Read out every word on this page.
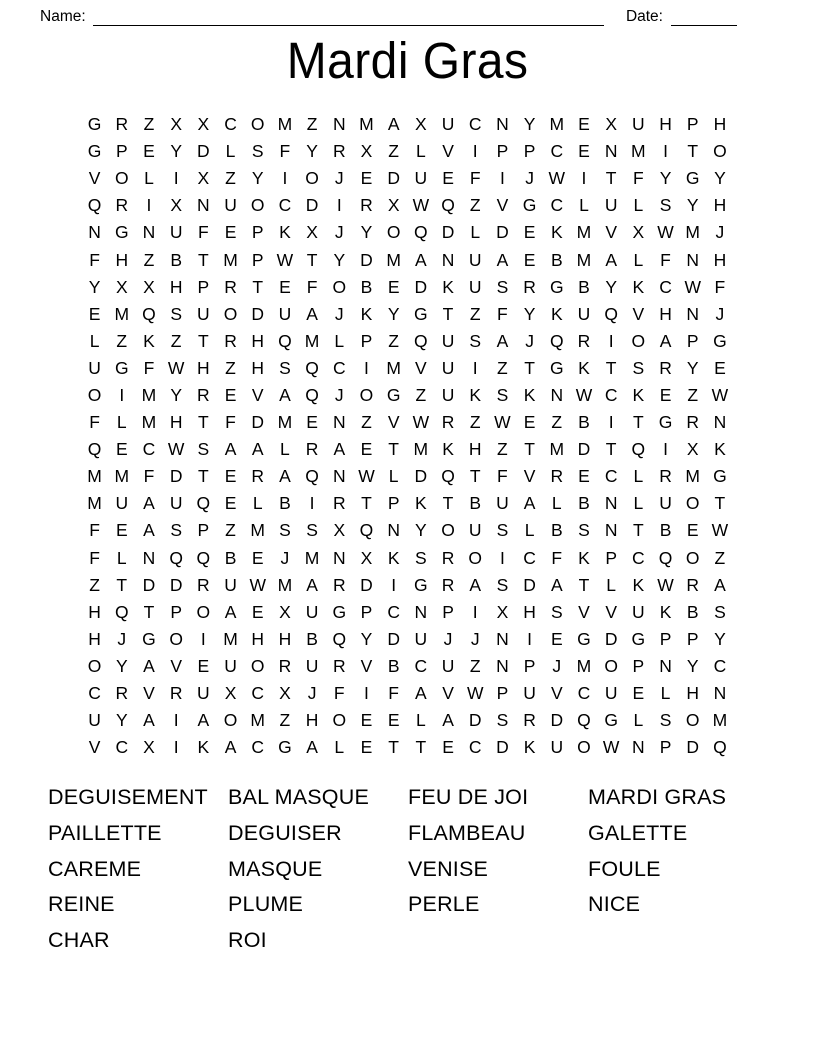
Name:	Date:
Mardi Gras
G R Z X X C O M Z N M A X U C N Y M E X U H P H
G P E Y D L S F Y R X Z L V	I	P P C E N M I	T O
V O L	I	X Z Y	I	O J E D U E F	I	J W I	T F Y G Y
Q R	I	X N U O C D	I	R X W Q Z V G C L U L S Y H
N G N U F E P K X J Y O Q D L D E K M V X W M J
F H Z B T M P W T Y D M A N U A E B M A L F N H
Y X X H P R T E F O B E D K U S R G B Y K C W F
E M Q S U O D U A J K Y G T Z F Y K U Q V H N J
L Z K Z T R H Q M L P Z Q U S A J Q R	I	O A P G
U G F W H Z H S Q C	I M V U	I	Z T G K T S R Y E
O	I M Y R E V A Q J O G Z U K S K N W C K E Z W
F L M H T F D M E N Z V W R Z W E Z B	I	T G R N
Q E C W S A A L R A E T M K H Z T M D T Q	I	X K
M M F D T E R A Q N W L D Q T F V R E C L R M G
M U A U Q E L B	I	R T P K T B U A L B N L U O T
F E A S P Z M S S X Q N Y O U S L B S N T B E W
F L N Q Q B E J M N X K S R O	I	C F K P C Q O Z
Z T D D R U W M A R D	I	G R A S D A T L K W R A
H Q T P O A E X U G P C N P	I	X H S V V U K B S
H J G O	I M H H B Q Y D U J	J N	I	E G D G P P Y
O Y A V E U O R U R V B C U Z N P J M O P N Y C
C R V R U X C X J F	I	F A V W P U V C U E L H N
U Y A	I	A O M Z H O E E L A D S R D Q G L S O M
V C X	I	K A C G A L E T T E C D K U O W N P D Q
DEGUISEMENT
PAILLETTE
CAREME
REINE
CHAR
BAL MASQUE
DEGUISER
MASQUE
PLUME
ROI
FEU DE JOI
FLAMBEAU
VENISE
PERLE
MARDI GRAS
GALETTE
FOULE
NICE
